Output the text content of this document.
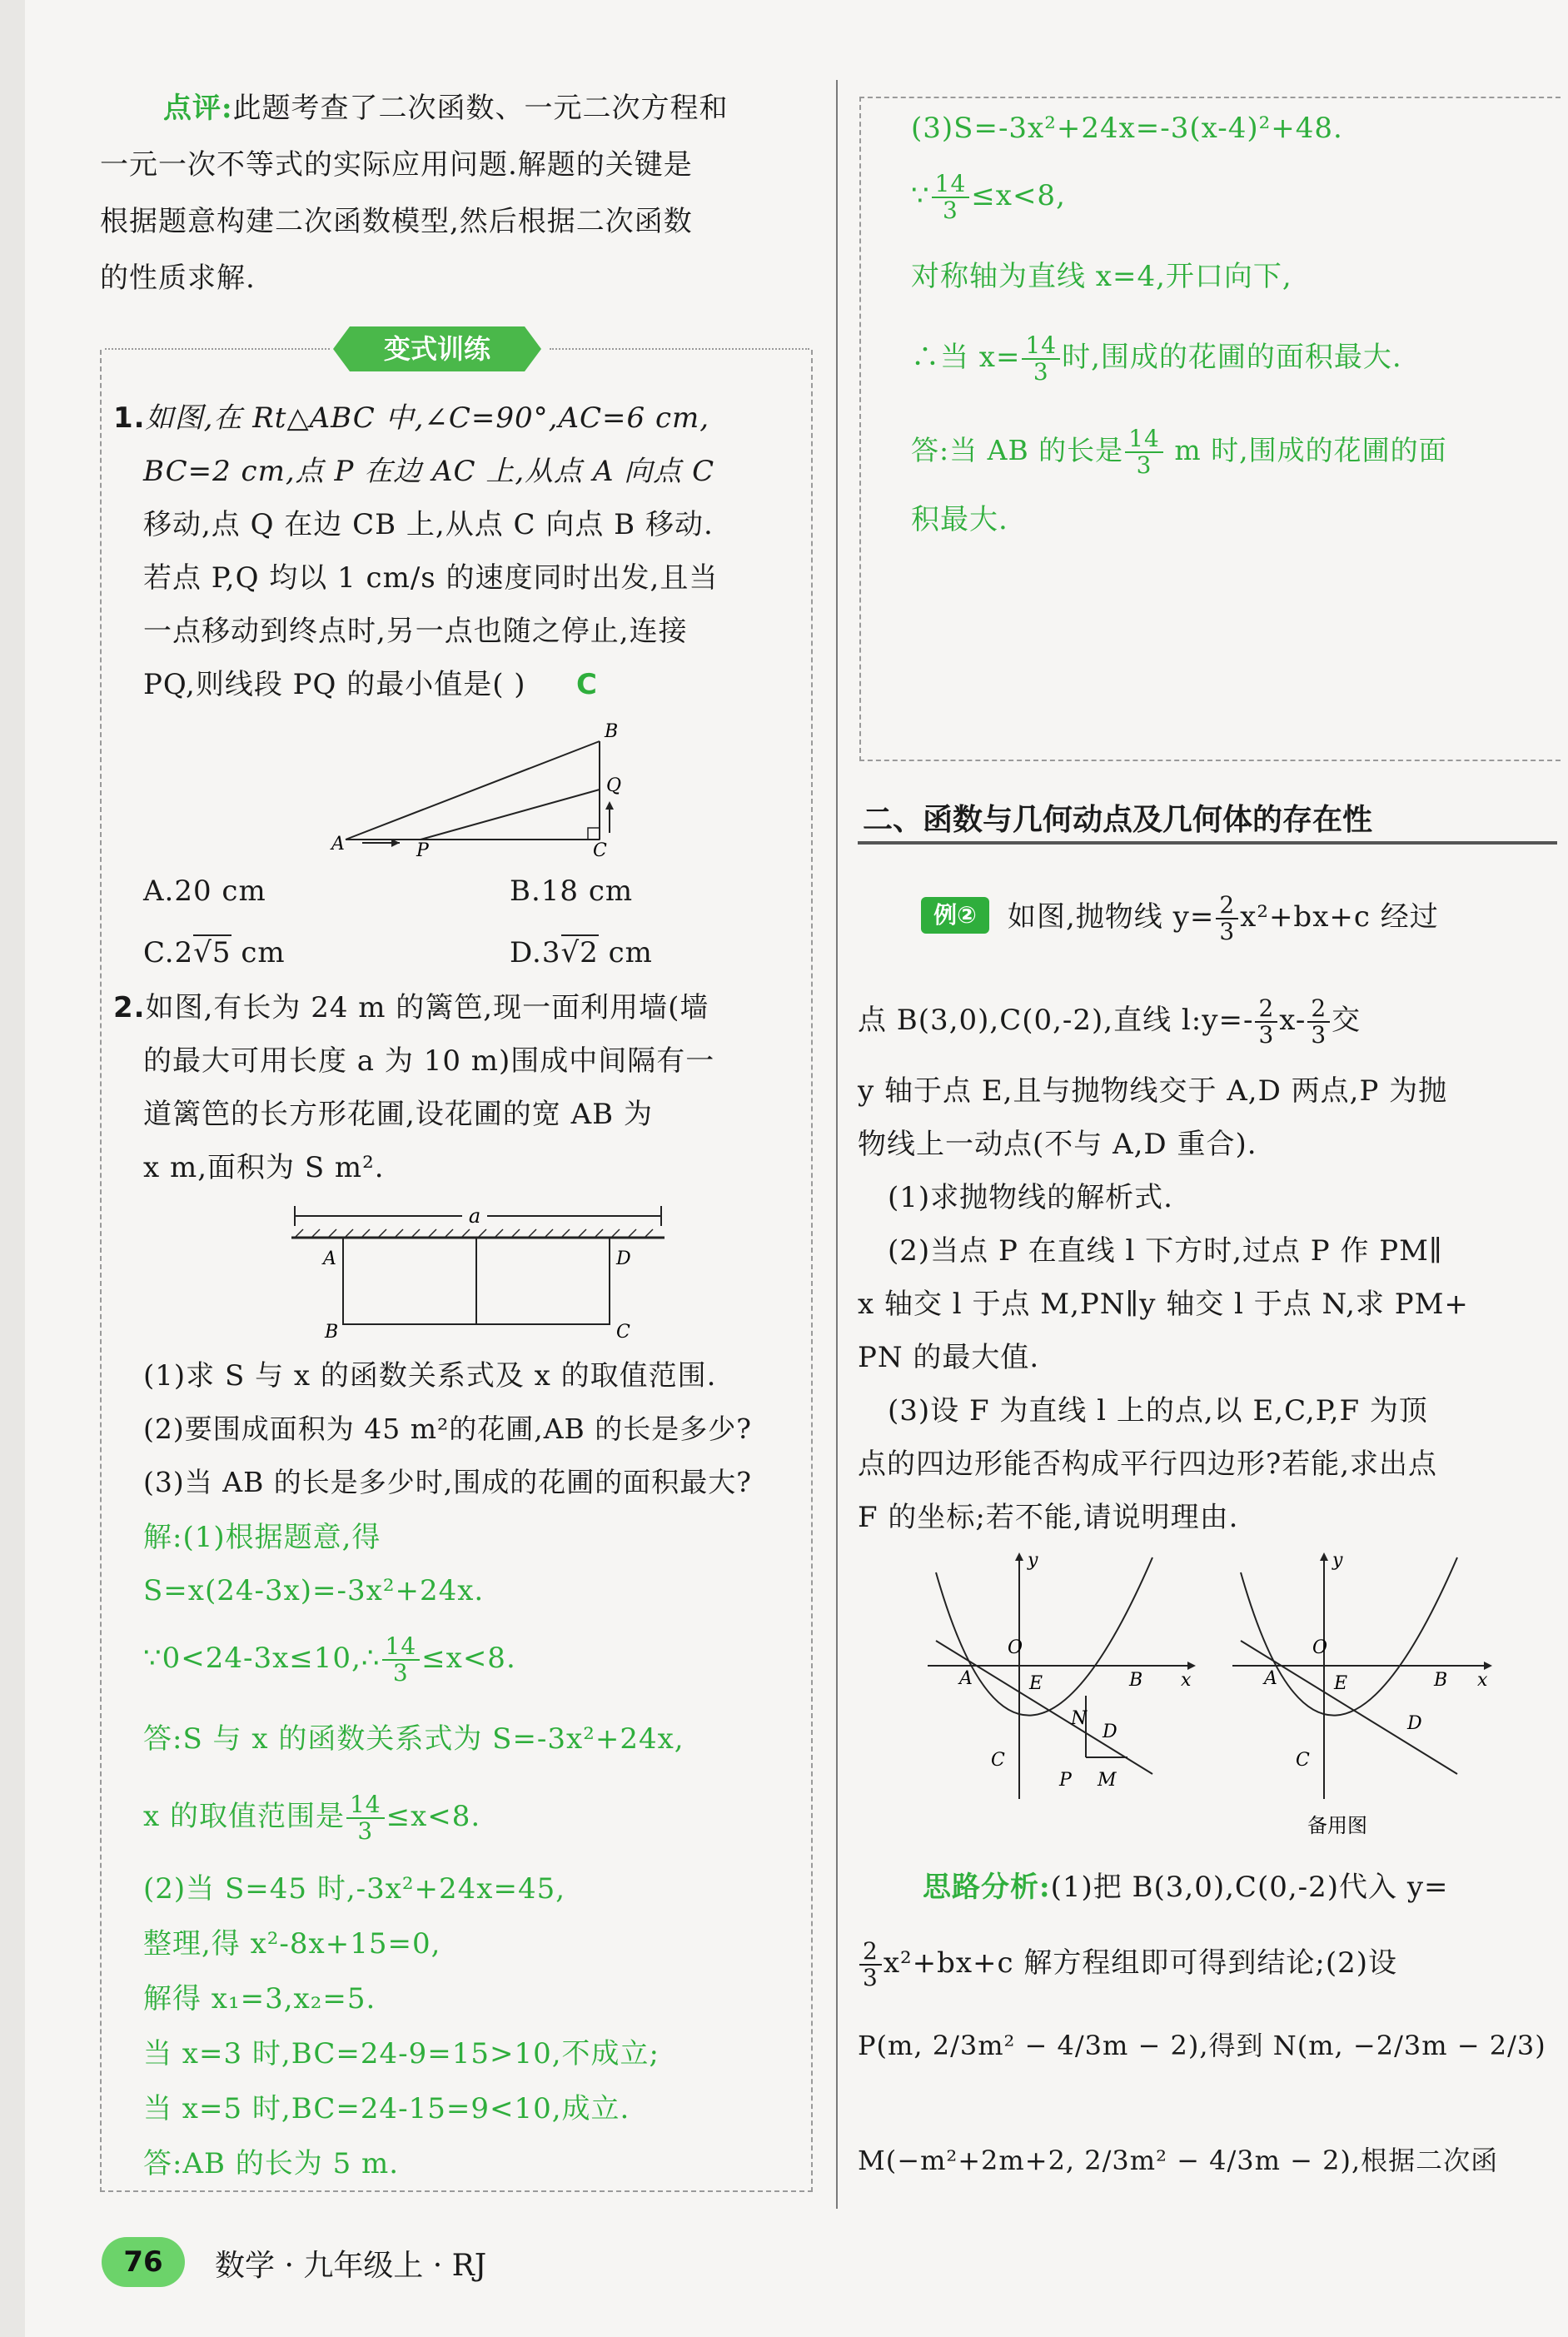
点评:此题考查了二次函数、一元二次方程和
一元一次不等式的实际应用问题.解题的关键是
根据题意构建二次函数模型,然后根据二次函数
的性质求解.
变式训练
1.如图,在 Rt△ABC 中,∠C=90°,AC=6 cm,
BC=2 cm,点 P 在边 AC 上,从点 A 向点 C
移动,点 Q 在边 CB 上,从点 C 向点 B 移动.
若点 P,Q 均以 1 cm/s 的速度同时出发,且当
一点移动到终点时,另一点也随之停止,连接
PQ,则线段 PQ 的最小值是( ) C
A	P	C
B
Q
A.20 cm	B.18 cm
C.2√5 cm	D.3√2 cm
2.如图,有长为 24 m 的篱笆,现一面利用墙(墙
的最大可用长度 a 为 10 m)围成中间隔有一
道篱笆的长方形花圃,设花圃的宽 AB 为
x m,面积为 S m².
a
A	D
B	C
(1)求 S 与 x 的函数关系式及 x 的取值范围.
(2)要围成面积为 45 m²的花圃,AB 的长是多少?
(3)当 AB 的长是多少时,围成的花圃的面积最大?
解:(1)根据题意,得
S=x(24-3x)=-3x²+24x.
∵0<24-3x≤10,∴ $\frac{14}{3} \le x<8$.
答:S 与 x 的函数关系式为 S=-3x²+24x,
x 的取值范围是 $\frac{14}{3} \le x<8$.
(2)当 S=45 时,-3x²+24x=45,
整理,得 x²-8x+15=0,
解得 x₁=3,x₂=5.
当 x=3 时,BC=24-9=15>10,不成立;
当 x=5 时,BC=24-15=9<10,成立.
答:AB 的长为 5 m.
(3)S=-3x²+24x=-3(x-4)²+48.
∵ $\frac{14}{3} \le x<8$,
对称轴为直线 x=4,开口向下,
∴当 $x= \frac{14}{3}$ 时,围成的花圃的面积最大.
答:当 AB 的长是 $\frac{14}{3}$ m 时,围成的花圃的面
积最大.
二、函数与几何动点及几何体的存在性
例②	如图,抛物线 $y= \frac{2}{3} x^2+bx+c$ 经过
点 B(3,0),C(0,-2),直线 l:y=- $\frac{2}{3} x- \frac{2}{3}$ 交
y 轴于点 E,且与抛物线交于 A,D 两点,P 为抛
物线上一动点(不与 A,D 重合).
(1)求抛物线的解析式.
(2)当点 P 在直线 l 下方时,过点 P 作 PM∥
x 轴交 l 于点 M,PN∥y 轴交 l 于点 N,求 PM+
PN 的最大值.
(3)设 F 为直线 l 上的点,以 E,C,P,F 为顶
点的四边形能否构成平行四边形?若能,求出点
F 的坐标;若不能,请说明理由.
O
y
x
A	E	B
N
D
C
P M
O
y
x
A	E	B
D
C
备用图
思路分析:(1)把 B(3,0),C(0,-2)代入 y=
$\frac{2}{3} x^2+bx+c$ 解方程组即可得到结论;(2)设
P(m, 2/3m² − 4/3m − 2),得到 N(m, −2/3m − 2/3)
M(−m²+2m+2, 2/3m² − 4/3m − 2),根据二次函
76	数学 · 九年级上 · RJ
